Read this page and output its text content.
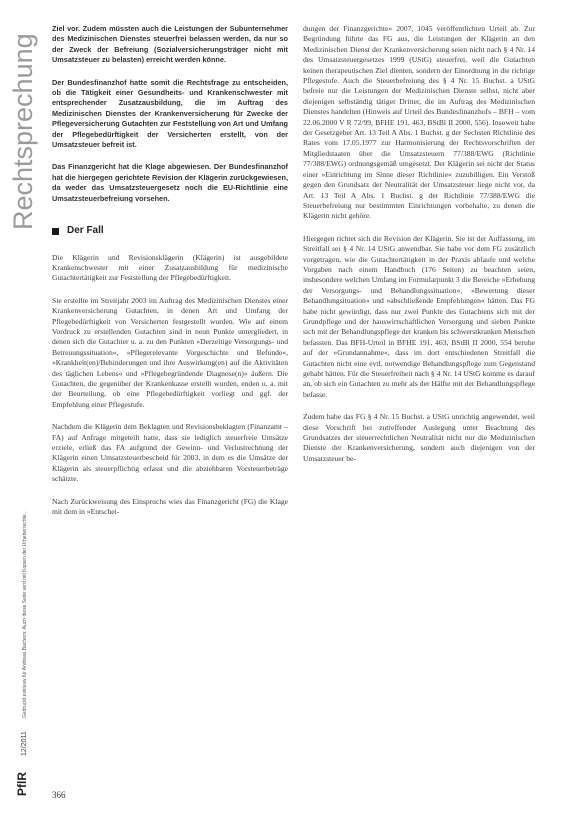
Rechtsprechung
PflR
12/2011
Gedruckt exklusiv für Andreas Bachem: Auch diese Seite wird mit Kopien der Urheberrechte...

Ziel vor. Zudem müssten auch die Leistungen der Subunternehmer des Medizinischen Dienstes steuerfrei belassen werden, da nur so der Zweck der Befreiung (Sozialversicherungsträger nicht mit Umsatzsteuer zu belasten) erreicht werden könne.

Der Bundesfinanzhof hatte somit die Rechtsfrage zu entscheiden, ob die Tätigkeit einer Gesundheits- und Krankenschwester mit entsprechender Zusatzausbildung, die im Auftrag des Medizinischen Dienstes der Krankenversicherung für Zwecke der Pflegeversicherung Gutachten zur Feststellung von Art und Umfang der Pflegebedürftigkeit der Versicherten erstellt, von der Umsatzsteuer befreit ist.

Das Finanzgericht hat die Klage abgewiesen. Der Bundesfinanzhof hat die hiergegen gerichtete Revision der Klägerin zurückgewiesen, da weder das Umsatzsteuergesetz noch die EU-Richtlinie eine Umsatzsteuerbefreiung vorsehen.

Der Fall

Die Klägerin und Revisionsklägerin (Klägerin) ist ausgebildete Krankenschwester mit einer Zusatzausbildung für medizinische Gutachtertätigkeit zur Feststellung der Pflegebedürftigkeit.

Sie erstellte im Streitjahr 2003 im Auftrag des Medizinischen Dienstes einer Krankenversicherung Gutachten, in denen Art und Umfang der Pflegebedürftigkeit von Versicherten festgestellt wurden. Wie auf einem Vordruck zu erstellenden Gutachten sind in neun Punkte untergliedert, in denen sich die Gutachter u. a. zu den Punkten »Derzeitige Versorgungs- und Betreuungssituation«, »Pflegerelevante Vorgeschichte und Befunde«, »Krankheit(en)/Behinderungen und ihre Auswirkung(en) auf die Aktivitäten des täglichen Lebens« und »Pflegebegründende Diagnose(n)« äußern. Die Gutachten, die gegenüber der Krankenkasse erstellt wurden, enden u. a. mit der Beurteilung, ob eine Pflegebedürftigkeit vorliegt und ggf. der Empfehlung einer Pflegestufe.

Nachdem die Klägerin dem Beklagten und Revisionsbeklagten (Finanzamt – FA) auf Anfrage mitgeteilt hatte, dass sie lediglich steuerfreie Umsätze erziele, erließ das FA aufgrund der Gewinn- und Verlustrechnung der Klägerin einen Umsatzsteuerbescheid für 2003, in dem es die Umsätze der Klägerin als steuerpflichtig erfasst und die abziehbaren Vorsteuerbeträge schätzte.

Nach Zurückweisung des Einspruchs wies das Finanzgericht (FG) die Klage mit dem in »Entschei-

dungen der Finanzgerichte« 2007, 1045 veröffentlichten Urteil ab. Zur Begründung führte das FG aus, die Leistungen der Klägerin an den Medizinischen Dienst der Krankenversicherung seien nicht nach § 4 Nr. 14 des Umsatzsteuergesetzes 1999 (UStG) steuerfrei, weil die Gutachten keinen therapeutischen Ziel dienten, sondern der Einordnung in die richtige Pflegestufe. Auch die Steuerbefreiung des § 4 Nr. 15 Buchst. a UStG befreie nur die Leistungen der Medizinischen Dienste selbst, nicht aber diejenigen selbständig tätiger Dritter, die im Auftrag des Medizinischen Dienstes handelten (Hinweis auf Urteil des Bundesfinanzhofs – BFH – vom 22.06.2000 V R 72/99, BFHE 191, 463, BStBl II 2000, 556). Insoweit habe der Gesetzgeber Art. 13 Teil A Abs. 1 Buchst. g der Sechsten Richtlinie des Rates vom 17.05.1977 zur Harmonisierung der Rechtsvorschriften der Mitgliedstaaten über die Umsatzsteuern 77/388/EWG (Richtlinie 77/388/EWG) ordnungsgemäß umgesetzt. Der Klägerin sei nicht der Status einer »Einrichtung im Sinne dieser Richtlinie« zuzubilligen. Ein Verstoß gegen den Grundsatz der Neutralität der Umsatzsteuer liege nicht vor, da Art. 13 Teil A Abs. 1 Buchst. g der Richtlinie 77/388/EWG die Steuerbefreiung nur bestimmten Einrichtungen vorbehalte, zu denen die Klägerin nicht gehöre.

Hiergegen richtet sich die Revision der Klägerin. Sie ist der Auffassung, im Streitfall sei § 4 Nr. 14 UStG anwendbar. Sie habe vor dem FG zusätzlich vorgetragen, wie die Gutachtertätigkeit in der Praxis ablaufe und welche Vorgaben nach einem Handbuch (176 Seiten) zu beachten seien, insbesondere welchen Umfang im Formularpunkt 3 die Bereiche »Erhebung der Versorgungs- und Behandlungssituation«, »Bewertung dieser Behandlungsituation« und »abschließende Empfehlungen« hätten. Das FG habe nicht gewürdigt, dass nur zwei Punkte des Gutachtens sich mit der Grundpflege und der hauswirtschaftlichen Versorgung und sieben Punkte sich mit der Behandlungspflege der kranken bis schwerstkranken Menschen befassten. Das BFH-Urteil in BFHE 191, 463, BStBl II 2000, 554 beruhe auf der »Grundannahme«, dass im dort entschiedenen Streitfall die Gutachten nicht eine evtl. notwendige Behandlungspflege zum Gegenstand gehabt hätten. Für die Steuerfreiheit nach § 4 Nr. 14 UStG komme es darauf an, ob sich ein Gutachten zu mehr als der Hälfte mit der Behandlungspflege befasse.

Zudem habe das FG § 4 Nr. 15 Buchst. a UStG unrichtig angewendet, weil diese Vorschrift bei zutreffender Auslegung unter Beachtung des Grundsatzes der steuerrechtlichen Neutralität nicht nur die Medizinischen Dienste der Krankenversicherung, sondern auch diejenigen von der Umsatzsteuer be-

366
